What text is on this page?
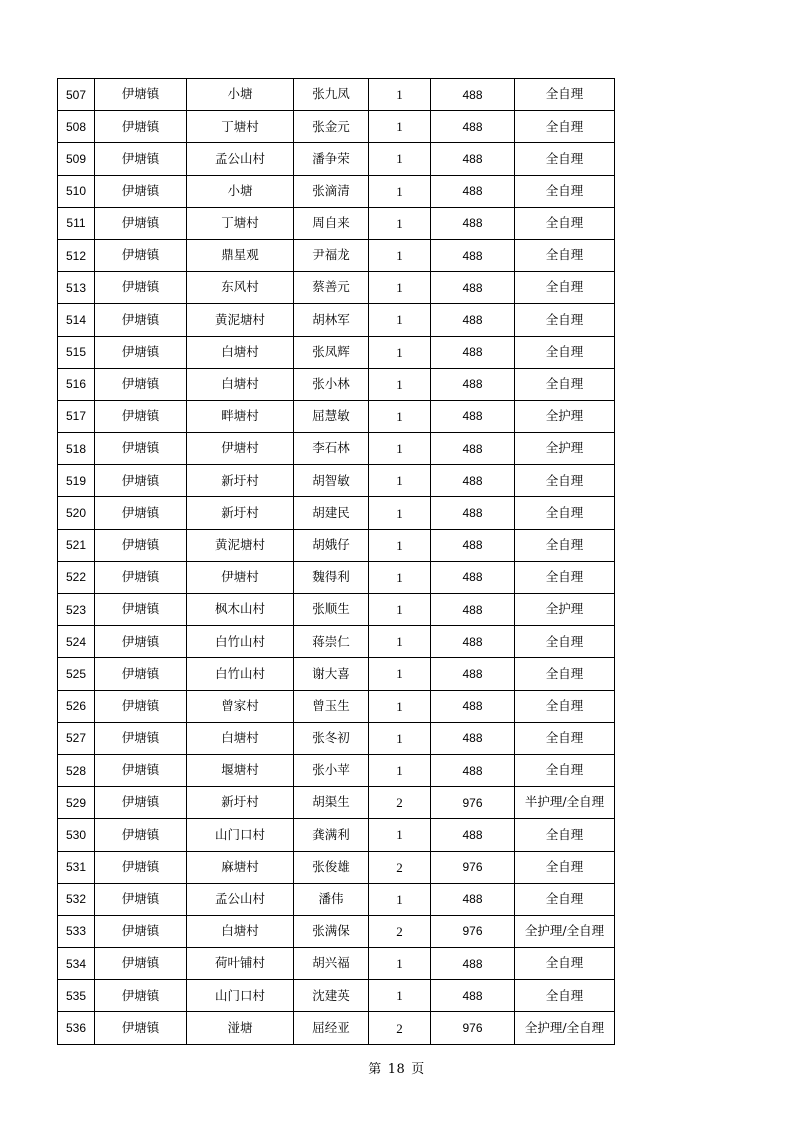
507	伊塘镇	小塘	张九凤	1	488	全自理
508	伊塘镇	丁塘村	张金元	1	488	全自理
509	伊塘镇	孟公山村	潘争荣	1	488	全自理
510	伊塘镇	小塘	张滴清	1	488	全自理
511	伊塘镇	丁塘村	周自来	1	488	全自理
512	伊塘镇	鼎星观	尹福龙	1	488	全自理
513	伊塘镇	东风村	蔡善元	1	488	全自理
514	伊塘镇	黄泥塘村	胡林军	1	488	全自理
515	伊塘镇	白塘村	张凤辉	1	488	全自理
516	伊塘镇	白塘村	张小林	1	488	全自理
517	伊塘镇	畔塘村	屈慧敏	1	488	全护理
518	伊塘镇	伊塘村	李石林	1	488	全护理
519	伊塘镇	新圩村	胡智敏	1	488	全自理
520	伊塘镇	新圩村	胡建民	1	488	全自理
521	伊塘镇	黄泥塘村	胡娥仔	1	488	全自理
522	伊塘镇	伊塘村	魏得利	1	488	全自理
523	伊塘镇	枫木山村	张顺生	1	488	全护理
524	伊塘镇	白竹山村	蒋崇仁	1	488	全自理
525	伊塘镇	白竹山村	谢大喜	1	488	全自理
526	伊塘镇	曾家村	曾玉生	1	488	全自理
527	伊塘镇	白塘村	张冬初	1	488	全自理
528	伊塘镇	堰塘村	张小苹	1	488	全自理
529	伊塘镇	新圩村	胡渠生	2	976	半护理/全自理
530	伊塘镇	山门口村	龚满利	1	488	全自理
531	伊塘镇	麻塘村	张俊雄	2	976	全自理
532	伊塘镇	孟公山村	潘伟	1	488	全自理
533	伊塘镇	白塘村	张满保	2	976	全护理/全自理
534	伊塘镇	荷叶铺村	胡兴福	1	488	全自理
535	伊塘镇	山门口村	沈建英	1	488	全自理
536	伊塘镇	湴塘	屈经亚	2	976	全护理/全自理
第 18 页
